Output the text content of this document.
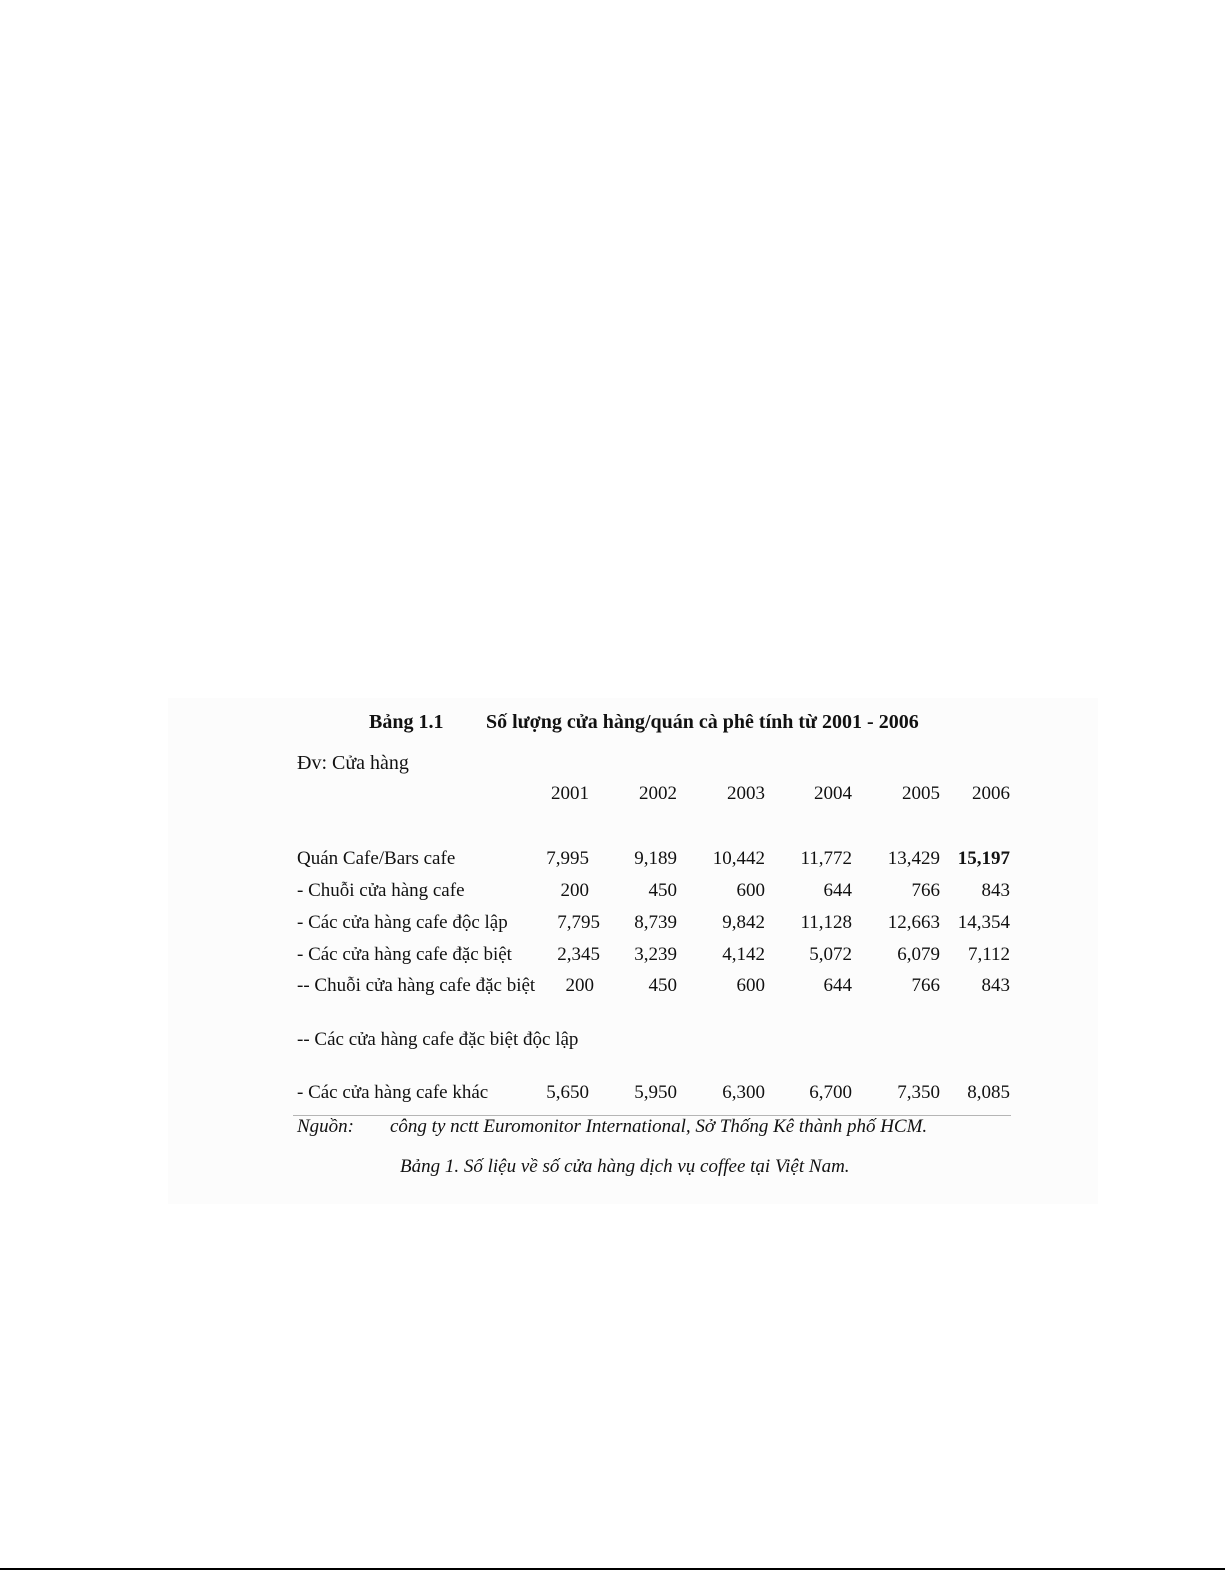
Bảng 1.1 Số lượng cửa hàng/quán cà phê tính từ 2001 - 2006
Đv: Cửa hàng
2001	2002	2003	2004	2005	2006
Quán Cafe/Bars cafe	7,995	9,189	10,442	11,772	13,429 15,197
- Chuỗi cửa hàng cafe	200	450	600	644	766	843
- Các cửa hàng cafe độc lập	7,795	8,739	9,842	11,128	12,663 14,354
- Các cửa hàng cafe đặc biệt	2,345	3,239	4,142	5,072	6,079	7,112
-- Chuỗi cửa hàng cafe đặc biệt	200	450	600	644	766	843
-- Các cửa hàng cafe đặc biệt độc lập
- Các cửa hàng cafe khác	5,650	5,950	6,300	6,700	7,350	8,085
Nguồn: công ty nctt Euromonitor International, Sở Thống Kê thành phố HCM.
Bảng 1. Số liệu về số cửa hàng dịch vụ coffee tại Việt Nam.
